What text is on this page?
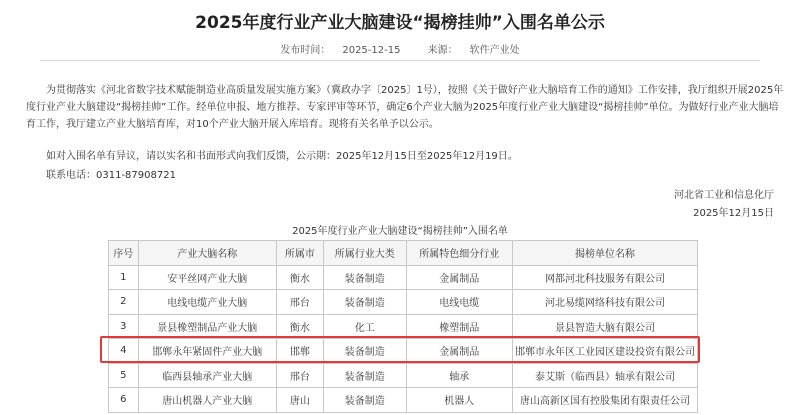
2025年度行业产业大脑建设“揭榜挂帅”入围名单公示
发布时间： 2025-12-15	来源： 软件产业处

为贯彻落实《河北省数字技术赋能制造业高质量发展实施方案》（冀政办字〔2025〕1号），按照《关于做好产业大脑培育工作的通知》工作安排，我厅组织开展2025年度行业产业大脑建设“揭榜挂帅”工作。经单位申报、地方推荐、专家评审等环节，确定6个产业大脑为2025年度行业产业大脑建设“揭榜挂帅”单位。为做好行业产业大脑培育工作，我厅建立产业大脑培育库，对10个产业大脑开展入库培育。现将有关名单予以公示。

如对入围名单有异议，请以实名和书面形式向我们反馈，公示期：2025年12月15日至2025年12月19日。

联系电话：0311-87908721
河北省工业和信息化厅
2025年12月15日
2025年度行业产业大脑建设“揭榜挂帅”入围名单
序号	产业大脑名称	所属市	所属行业大类	所属特色细分行业	揭榜单位名称
1	安平丝网产业大脑	衡水	装备制造	金属制品	网都河北科技服务有限公司
2	电线电缆产业大脑	邢台	装备制造	电线电缆	河北易缆网络科技有限公司
3	景县橡塑制品产业大脑	衡水	化工	橡塑制品	景县智造大脑有限公司
4	邯郸永年紧固件产业大脑	邯郸	装备制造	金属制品	邯郸市永年区工业园区建设投资有限公司
5	临西县轴承产业大脑	邢台	装备制造	轴承	泰艾斯（临西县）轴承有限公司
6	唐山机器人产业大脑	唐山	装备制造	机器人	唐山高新区国有控股集团有限责任公司
